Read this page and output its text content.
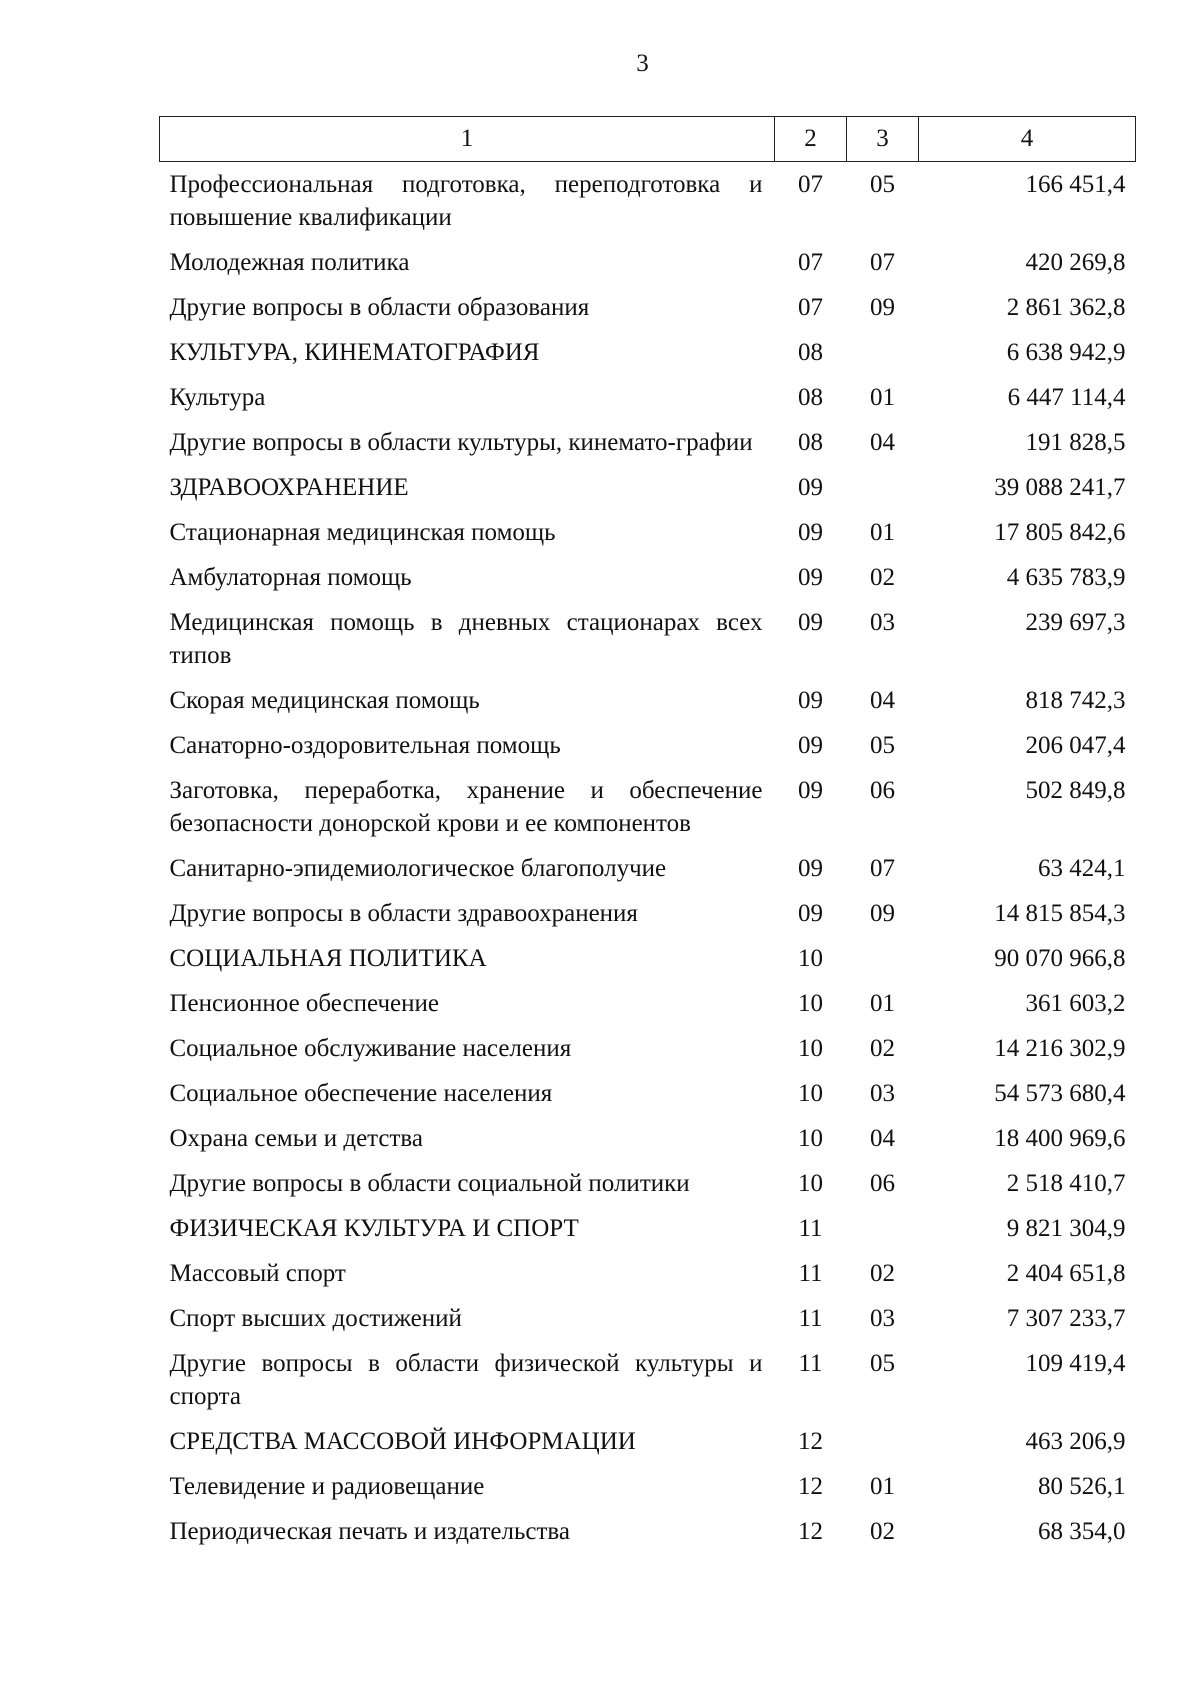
3
1	2	3	4
Профессиональная подготовка, переподготовка и повышение квалификации	07	05	166 451,4
Молодежная политика	07	07	420 269,8
Другие вопросы в области образования	07	09	2 861 362,8
КУЛЬТУРА, КИНЕМАТОГРАФИЯ	08		6 638 942,9
Культура	08	01	6 447 114,4
Другие вопросы в области культуры, кинемато-графии	08	04	191 828,5
ЗДРАВООХРАНЕНИЕ	09		39 088 241,7
Стационарная медицинская помощь	09	01	17 805 842,6
Амбулаторная помощь	09	02	4 635 783,9
Медицинская помощь в дневных стационарах всех типов	09	03	239 697,3
Скорая медицинская помощь	09	04	818 742,3
Санаторно-оздоровительная помощь	09	05	206 047,4
Заготовка, переработка, хранение и обеспечение безопасности донорской крови и ее компонентов	09	06	502 849,8
Санитарно-эпидемиологическое благополучие	09	07	63 424,1
Другие вопросы в области здравоохранения	09	09	14 815 854,3
СОЦИАЛЬНАЯ ПОЛИТИКА	10		90 070 966,8
Пенсионное обеспечение	10	01	361 603,2
Социальное обслуживание населения	10	02	14 216 302,9
Социальное обеспечение населения	10	03	54 573 680,4
Охрана семьи и детства	10	04	18 400 969,6
Другие вопросы в области социальной политики	10	06	2 518 410,7
ФИЗИЧЕСКАЯ КУЛЬТУРА И СПОРТ	11		9 821 304,9
Массовый спорт	11	02	2 404 651,8
Спорт высших достижений	11	03	7 307 233,7
Другие вопросы в области физической культуры и спорта	11	05	109 419,4
СРЕДСТВА МАССОВОЙ ИНФОРМАЦИИ	12		463 206,9
Телевидение и радиовещание	12	01	80 526,1
Периодическая печать и издательства	12	02	68 354,0
